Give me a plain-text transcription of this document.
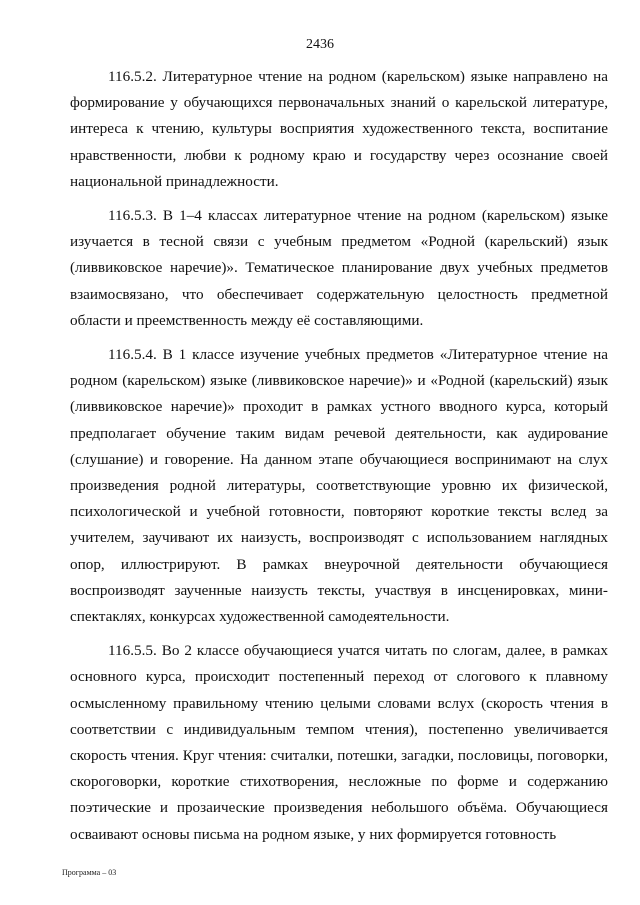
2436

116.5.2. Литературное чтение на родном (карельском) языке направлено на формирование у обучающихся первоначальных знаний о карельской литературе, интереса к чтению, культуры восприятия художественного текста, воспитание нравственности, любви к родному краю и государству через осознание своей национальной принадлежности.

116.5.3. В 1–4 классах литературное чтение на родном (карельском) языке изучается в тесной связи с учебным предметом «Родной (карельский) язык (ливвиковское наречие)». Тематическое планирование двух учебных предметов взаимосвязано, что обеспечивает содержательную целостность предметной области и преемственность между её составляющими.

116.5.4. В 1 классе изучение учебных предметов «Литературное чтение на родном (карельском) языке (ливвиковское наречие)» и «Родной (карельский) язык (ливвиковское наречие)» проходит в рамках устного вводного курса, который предполагает обучение таким видам речевой деятельности, как аудирование (слушание) и говорение. На данном этапе обучающиеся воспринимают на слух произведения родной литературы, соответствующие уровню их физической, психологической и учебной готовности, повторяют короткие тексты вслед за учителем, заучивают их наизусть, воспроизводят с использованием наглядных опор, иллюстрируют. В рамках внеурочной деятельности обучающиеся воспроизводят заученные наизусть тексты, участвуя в инсценировках, мини-спектаклях, конкурсах художественной самодеятельности.

116.5.5. Во 2 классе обучающиеся учатся читать по слогам, далее, в рамках основного курса, происходит постепенный переход от слогового к плавному осмысленному правильному чтению целыми словами вслух (скорость чтения в соответствии с индивидуальным темпом чтения), постепенно увеличивается скорость чтения. Круг чтения: считалки, потешки, загадки, пословицы, поговорки, скороговорки, короткие стихотворения, несложные по форме и содержанию поэтические и прозаические произведения небольшого объёма. Обучающиеся осваивают основы письма на родном языке, у них формируется готовность

Программа – 03
